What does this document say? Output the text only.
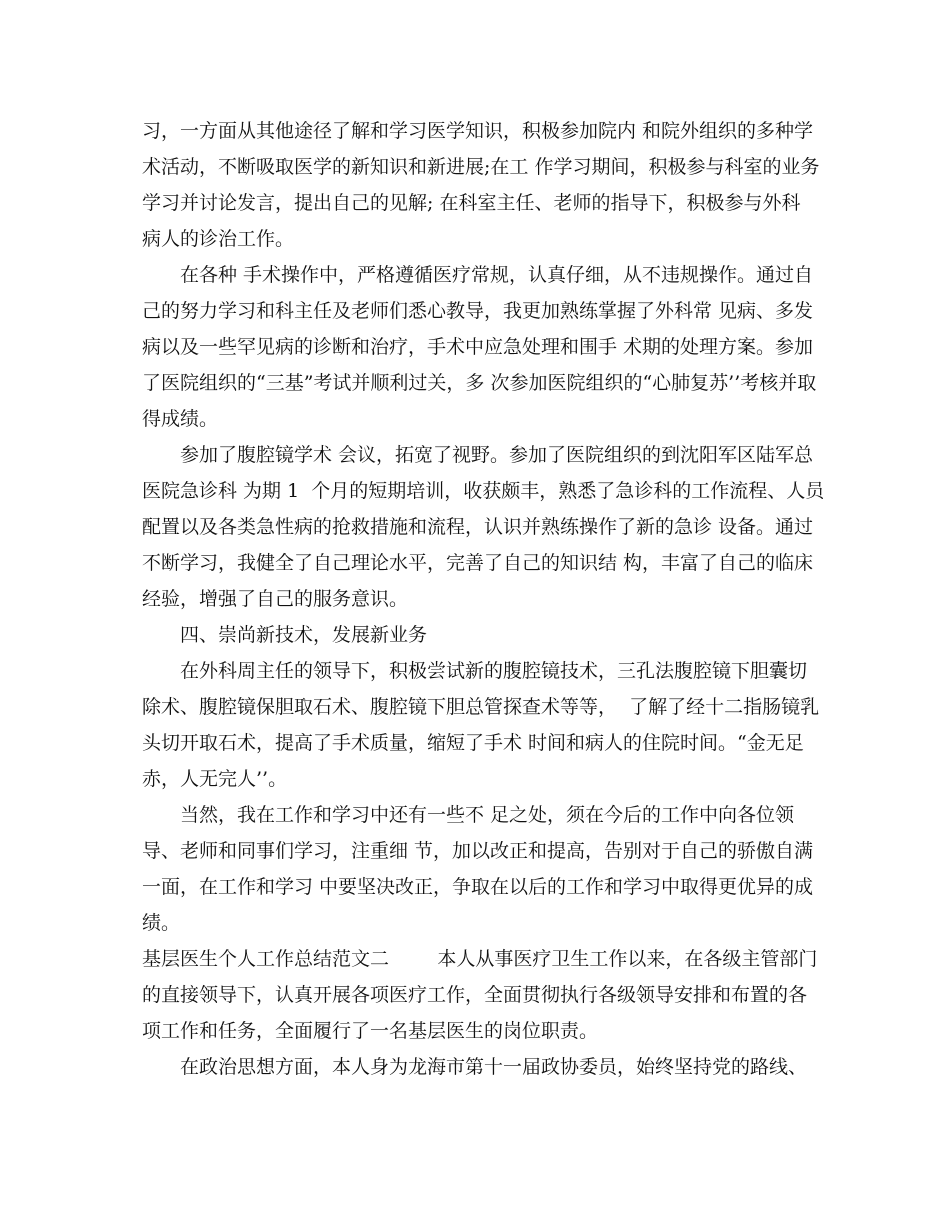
习，一方面从其他途径了解和学习医学知识，积极参加院内 和院外组织的多种学
术活动，不断吸取医学的新知识和新进展;在工 作学习期间，积极参与科室的业务
学习并讨论发言，提出自己的见解; 在科室主任、老师的指导下，积极参与外科
病人的诊治工作。
在各种 手术操作中，严格遵循医疗常规，认真仔细，从不违规操作。通过自
己的努力学习和科主任及老师们悉心教导，我更加熟练掌握了外科常 见病、多发
病以及一些罕见病的诊断和治疗，手术中应急处理和围手 术期的处理方案。参加
了医院组织的“三基”考试并顺利过关，多 次参加医院组织的“心肺复苏’’考核并取
得成绩。
参加了腹腔镜学术 会议，拓宽了视野。参加了医院组织的到沈阳军区陆军总
医院急诊科 为期 1  个月的短期培训，收获颇丰，熟悉了急诊科的工作流程、人员
配置以及各类急性病的抢救措施和流程，认识并熟练操作了新的急诊 设备。通过
不断学习，我健全了自己理论水平，完善了自己的知识结 构，丰富了自己的临床
经验，增强了自己的服务意识。
四、崇尚新技术，发展新业务
在外科周主任的领导下，积极尝试新的腹腔镜技术，三孔法腹腔镜下胆囊切
除术、腹腔镜保胆取石术、腹腔镜下胆总管探查术等等，  了解了经十二指肠镜乳
头切开取石术，提高了手术质量，缩短了手术 时间和病人的住院时间。“金无足
赤，人无完人’’。
当然，我在工作和学习中还有一些不 足之处，须在今后的工作中向各位领
导、老师和同事们学习，注重细 节，加以改正和提高，告别对于自己的骄傲自满
一面，在工作和学习 中要坚决改正，争取在以后的工作和学习中取得更优异的成
绩。
基层医生个人工作总结范文二        本人从事医疗卫生工作以来，在各级主管部门
的直接领导下，认真开展各项医疗工作，全面贯彻执行各级领导安排和布置的各
项工作和任务，全面履行了一名基层医生的岗位职责。
在政治思想方面，本人身为龙海市第十一届政协委员，始终坚持党的路线、
